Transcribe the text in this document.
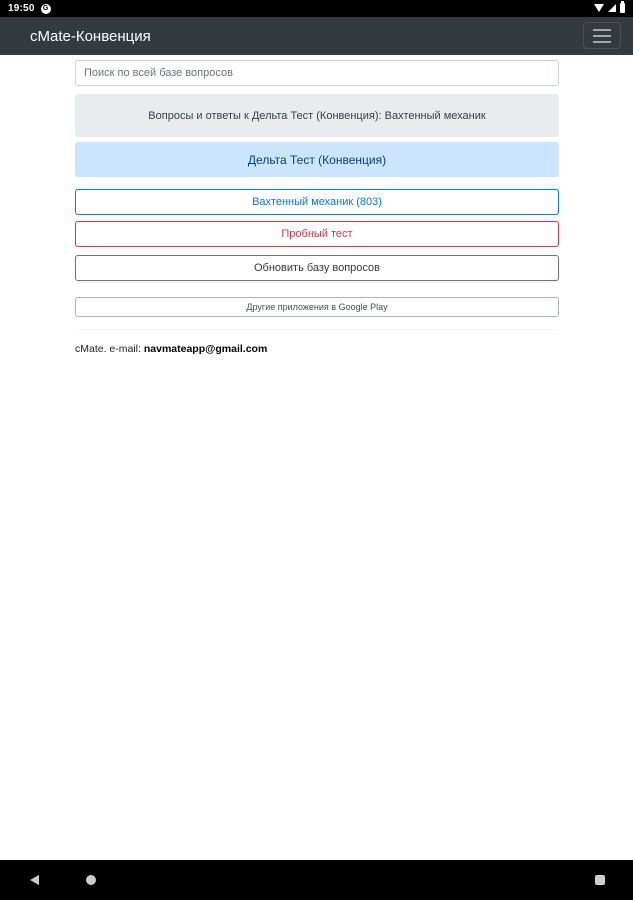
19:50	G
cMate-Конвенция
Поиск по всей базе вопросов
Вопросы и ответы к Дельта Тест (Конвенция): Вахтенный механик
Дельта Тест (Конвенция)
Вахтенный механик (803)
Пробный тест
Обновить базу вопросов
Другие приложения в Google Play
cMate. e-mail: navmateapp@gmail.com
